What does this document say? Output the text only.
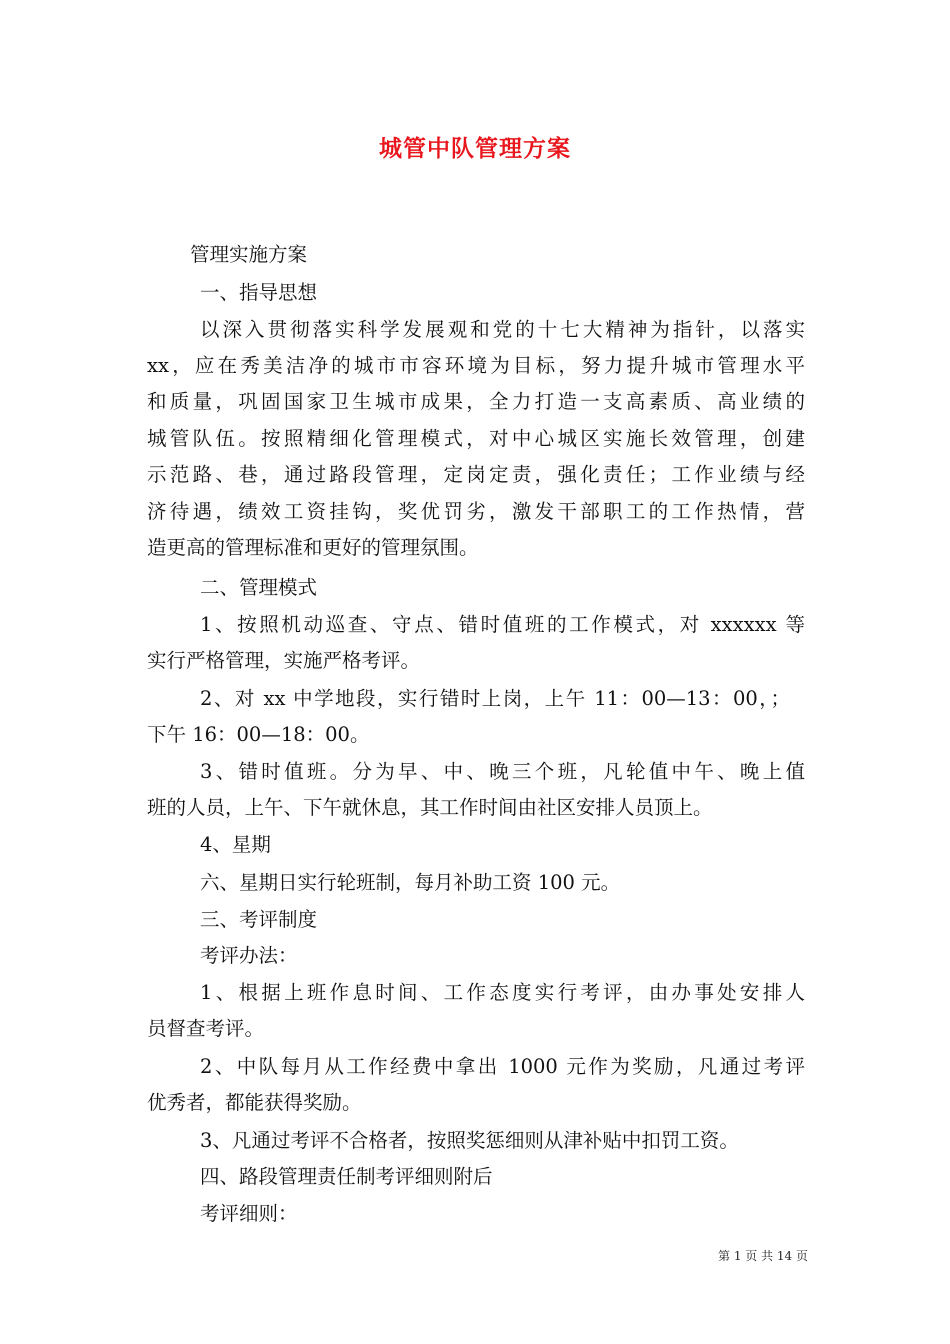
城管中队管理方案
管理实施方案
一、指导思想
以深入贯彻落实科学发展观和党的十七大精神为指针，以落实
xx，应在秀美洁净的城市市容环境为目标，努力提升城市管理水平
和质量，巩固国家卫生城市成果，全力打造一支高素质、高业绩的
城管队伍。按照精细化管理模式，对中心城区实施长效管理，创建
示范路、巷，通过路段管理，定岗定责，强化责任；工作业绩与经
济待遇，绩效工资挂钩，奖优罚劣，激发干部职工的工作热情，营
造更高的管理标准和更好的管理氛围。
二、管理模式
1、按照机动巡查、守点、错时值班的工作模式，对 xxxxxx 等
实行严格管理，实施严格考评。
2、对 xx 中学地段，实行错时上岗，上午 11：00—13：00，；
下午 16：00—18：00。
3、错时值班。分为早、中、晚三个班，凡轮值中午、晚上值
班的人员，上午、下午就休息，其工作时间由社区安排人员顶上。
4、星期
六、星期日实行轮班制，每月补助工资 100 元。
三、考评制度
考评办法：
1、根据上班作息时间、工作态度实行考评，由办事处安排人
员督查考评。
2、中队每月从工作经费中拿出 1000 元作为奖励，凡通过考评
优秀者，都能获得奖励。
3、凡通过考评不合格者，按照奖惩细则从津补贴中扣罚工资。
四、路段管理责任制考评细则附后
考评细则：
第 1 页 共 14 页
